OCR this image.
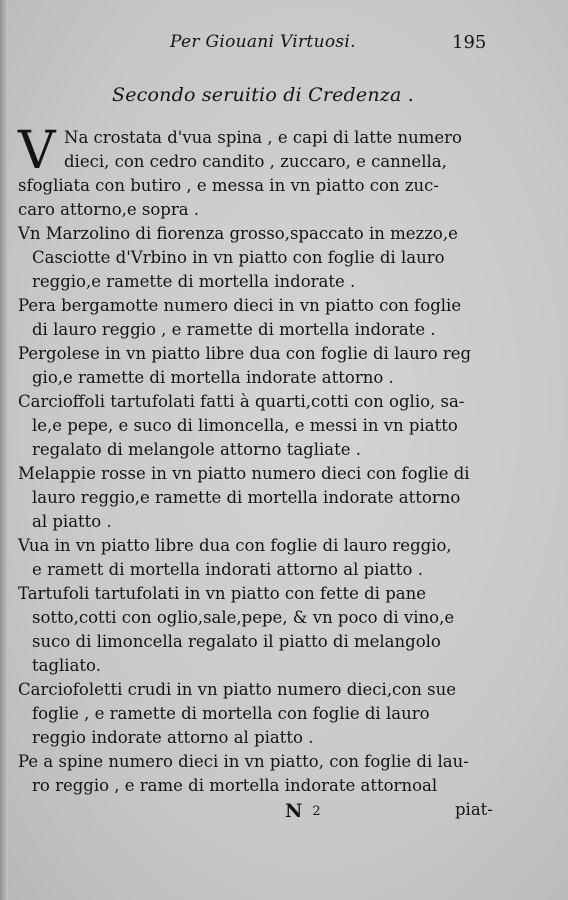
Per Giouani Virtuosi.	195
Secondo seruitio di Credenza .
V Na crostata d'vua spina , e capi di latte numero
dieci, con cedro candito , zuccaro, e cannella,
sfogliata con butiro , e messa in vn piatto con zuc-
caro attorno,e sopra .
Vn Marzolino di fiorenza grosso,spaccato in mezzo,e
Casciotte d'Vrbino in vn piatto con foglie di lauro
reggio,e ramette di mortella indorate .
Pera bergamotte numero dieci in vn piatto con foglie
di lauro reggio , e ramette di mortella indorate .
Pergolese in vn piatto libre dua con foglie di lauro reg
gio,e ramette di mortella indorate attorno .
Carcioffoli tartufolati fatti à quarti,cotti con oglio, sa-
le,e pepe, e suco di limoncella, e messi in vn piatto
regalato di melangole attorno tagliate .
Melappie rosse in vn piatto numero dieci con foglie di
lauro reggio,e ramette di mortella indorate attorno
al piatto .
Vua in vn piatto libre dua con foglie di lauro reggio,
e ramett di mortella indorati attorno al piatto .
Tartufoli tartufolati in vn piatto con fette di pane
sotto,cotti con oglio,sale,pepe, & vn poco di vino,e
suco di limoncella regalato il piatto di melangolo
tagliato.
Carciofoletti crudi in vn piatto numero dieci,con sue
foglie , e ramette di mortella con foglie di lauro
reggio indorate attorno al piatto .
Pe a spine numero dieci in vn piatto, con foglie di lau-
ro reggio , e rame di mortella indorate attornoal
N 2	piat-
